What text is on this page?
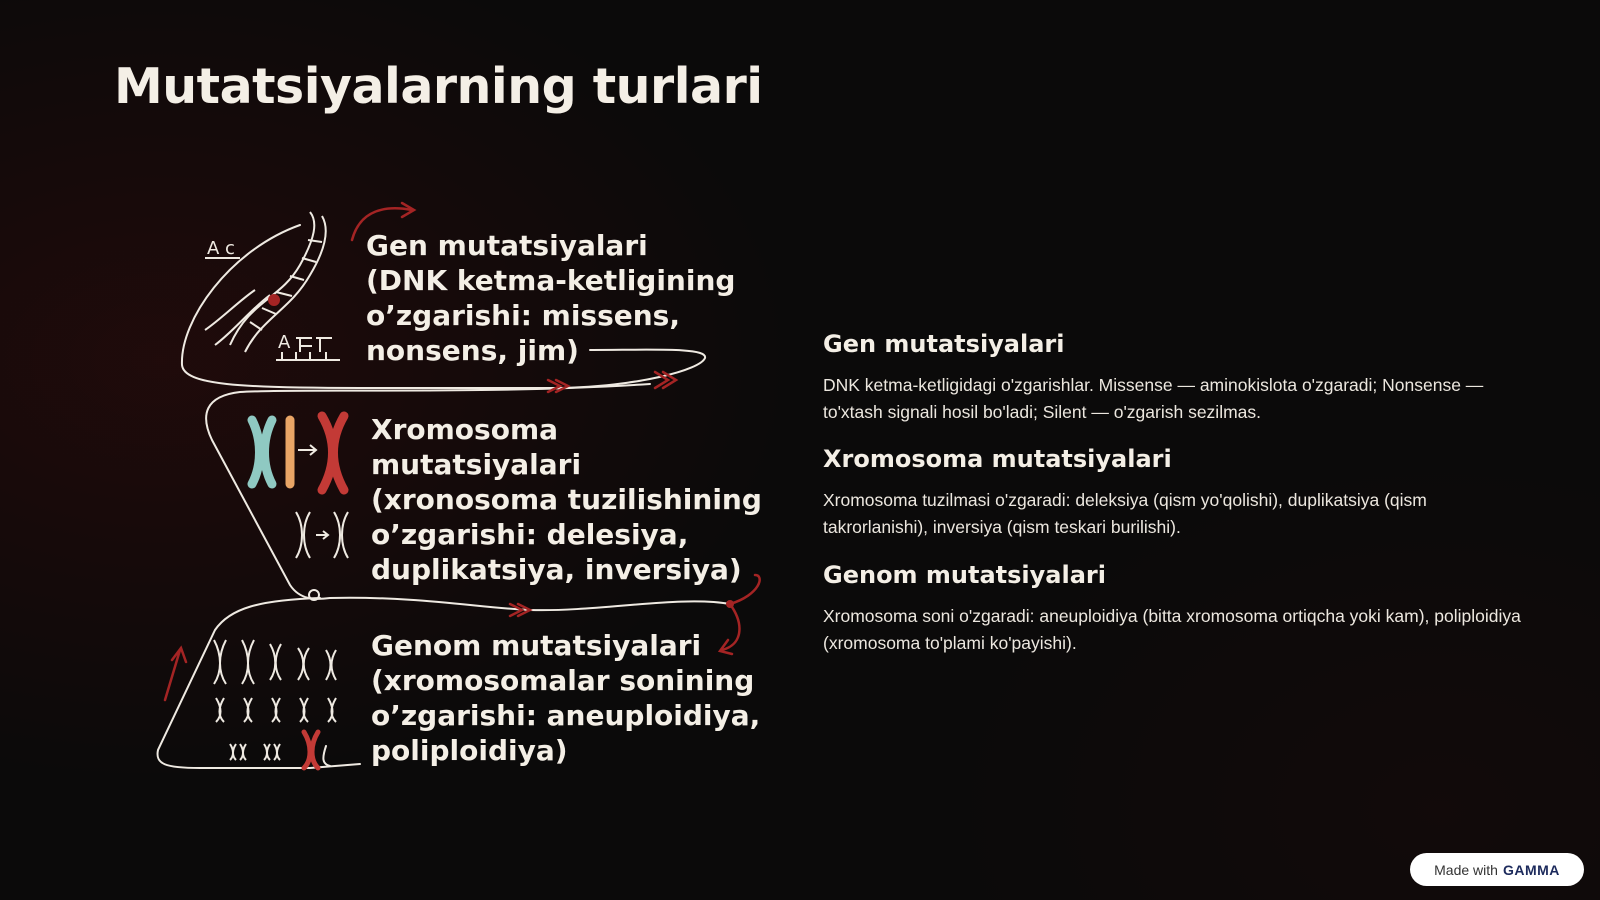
Mutatsiyalarning turlari
A c
A

Gen mutatsiyalari
(DNK ketma-ketligining
o’zgarishi: missens,
nonsens, jim)

Xromosoma
mutatsiyalari
(xronosoma tuzilishining
o’zgarishi: delesiya,
duplikatsiya, inversiya)

Genom mutatsiyalari
(xromosomalar sonining
o’zgarishi: aneuploidiya,
poliploidiya)

Gen mutatsiyalari

DNK ketma-ketligidagi o'zgarishlar. Missense — aminokislota o'zgaradi; Nonsense — to'xtash signali hosil bo'ladi; Silent — o'zgarish sezilmas.

Xromosoma mutatsiyalari

Xromosoma tuzilmasi o'zgaradi: deleksiya (qism yo'qolishi), duplikatsiya (qism takrorlanishi), inversiya (qism teskari burilishi).

Genom mutatsiyalari

Xromosoma soni o'zgaradi: aneuploidiya (bitta xromosoma ortiqcha yoki kam), poliploidiya (xromosoma to'plami ko'payishi).

Made with GAMMA
